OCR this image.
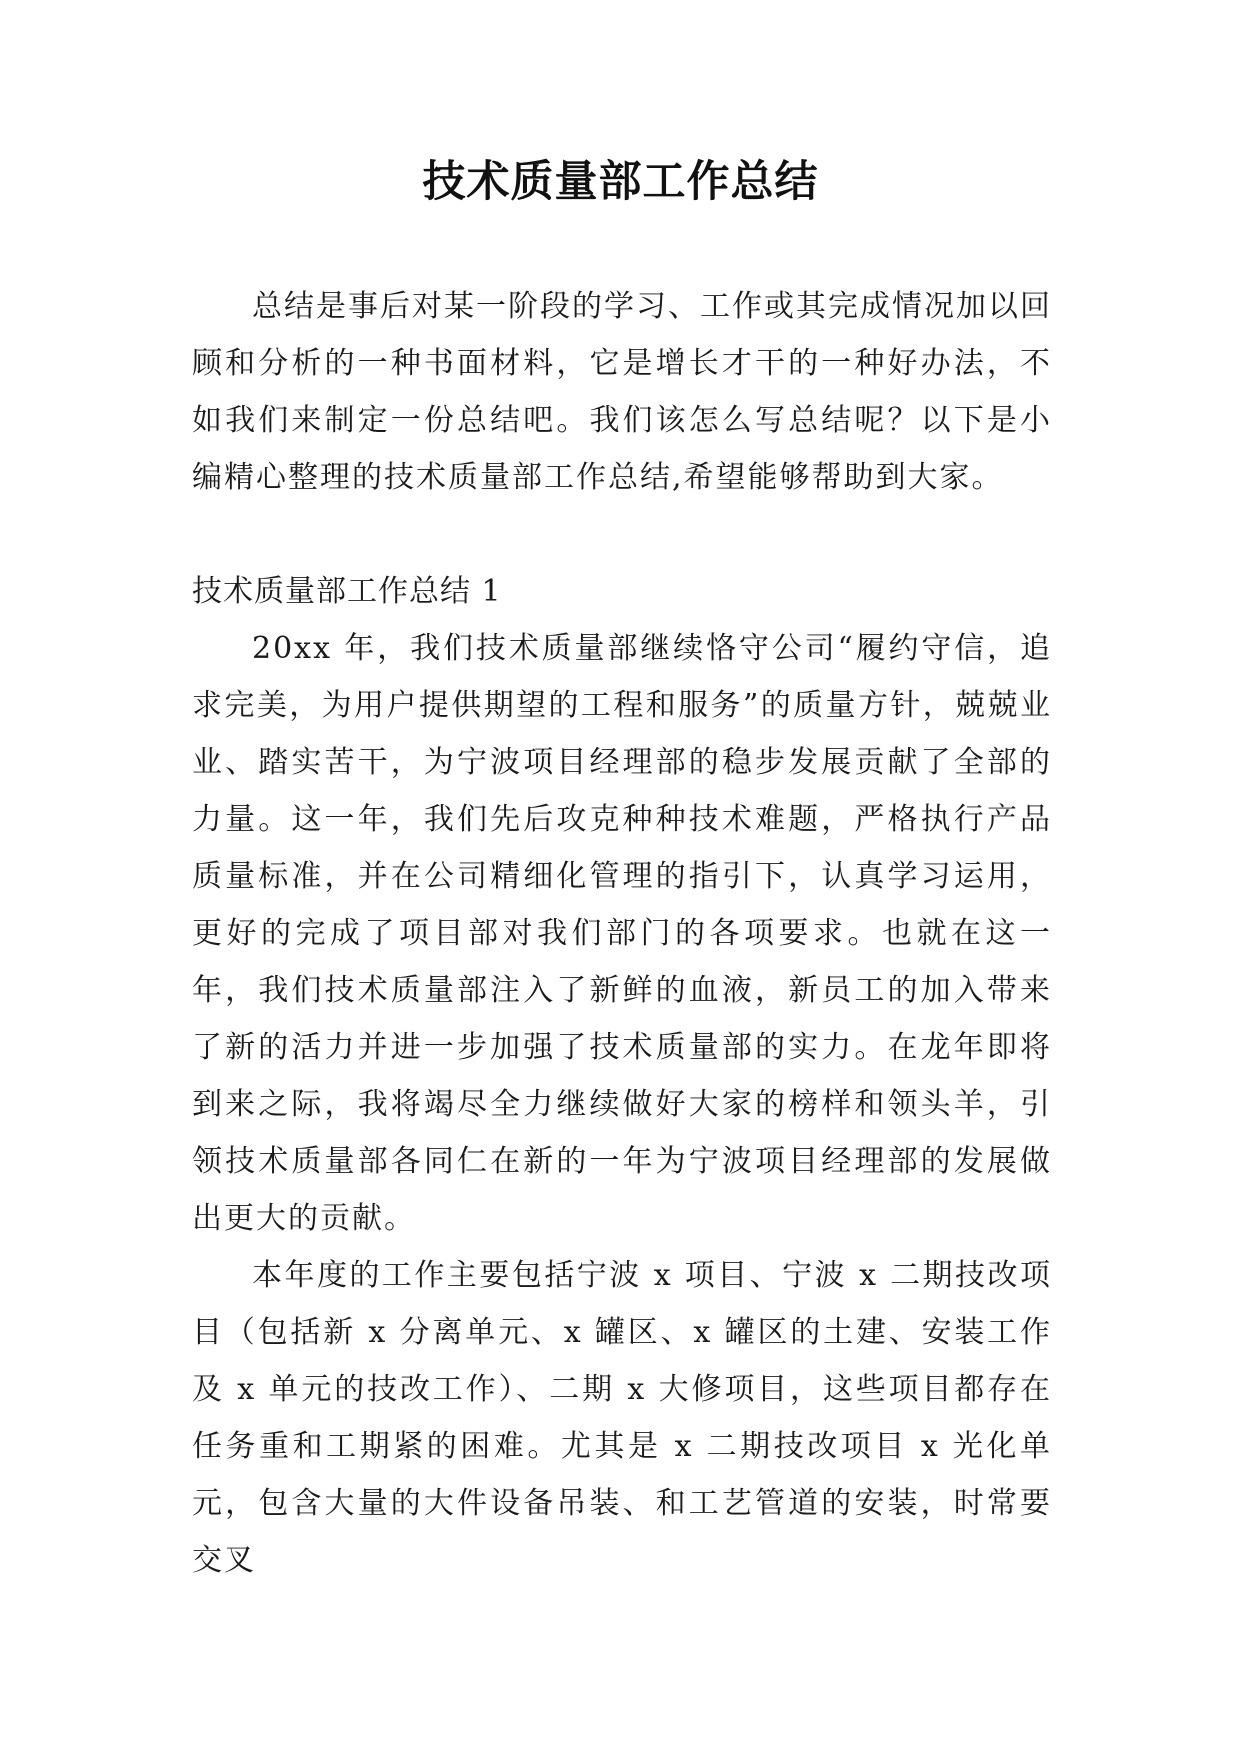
技术质量部工作总结

总结是事后对某一阶段的学习、工作或其完成情况加以回顾和分析的一种书面材料，它是增长才干的一种好办法，不如我们来制定一份总结吧。我们该怎么写总结呢？以下是小编精心整理的技术质量部工作总结,希望能够帮助到大家。

技术质量部工作总结 1

20xx 年，我们技术质量部继续恪守公司“履约守信，追求完美，为用户提供期望的工程和服务”的质量方针，兢兢业业、踏实苦干，为宁波项目经理部的稳步发展贡献了全部的力量。这一年，我们先后攻克种种技术难题，严格执行产品质量标准，并在公司精细化管理的指引下，认真学习运用，更好的完成了项目部对我们部门的各项要求。也就在这一年，我们技术质量部注入了新鲜的血液，新员工的加入带来了新的活力并进一步加强了技术质量部的实力。在龙年即将到来之际，我将竭尽全力继续做好大家的榜样和领头羊，引领技术质量部各同仁在新的一年为宁波项目经理部的发展做出更大的贡献。

本年度的工作主要包括宁波 x 项目、宁波 x 二期技改项目（包括新 x 分离单元、x 罐区、x 罐区的土建、安装工作及 x 单元的技改工作）、二期 x 大修项目，这些项目都存在任务重和工期紧的困难。尤其是 x 二期技改项目 x 光化单元，包含大量的大件设备吊装、和工艺管道的安装，时常要交叉
